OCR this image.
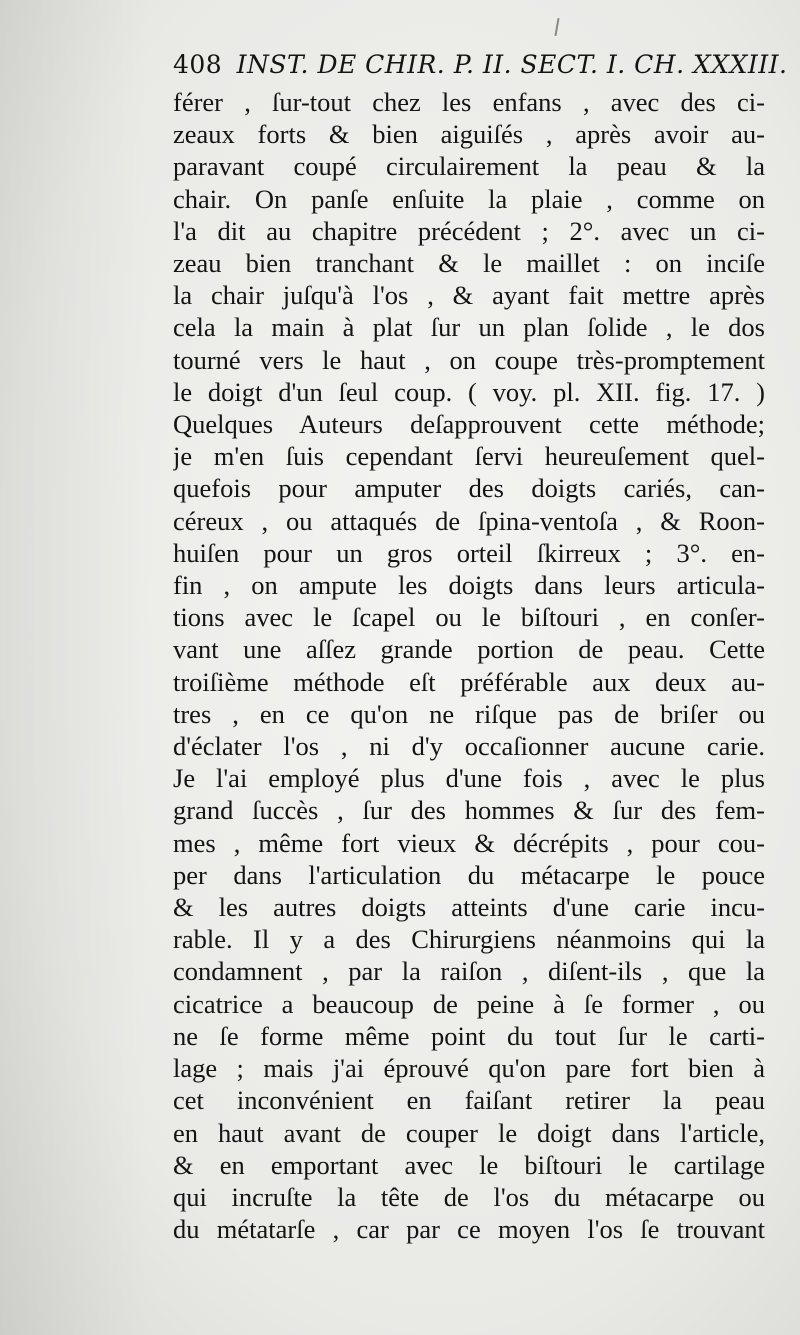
408 INST. DE CHIR. P. II. SECT. I. CH. XXXIII.
férer , ſur-tout chez les enfans , avec des ci-
zeaux forts & bien aiguiſés , après avoir au-
paravant coupé circulairement la peau & la
chair. On panſe enſuite la plaie , comme on
l'a dit au chapitre précédent ; 2°. avec un ci-
zeau bien tranchant & le maillet : on inciſe
la chair juſqu'à l'os , & ayant fait mettre après
cela la main à plat ſur un plan ſolide , le dos
tourné vers le haut , on coupe très-promptement
le doigt d'un ſeul coup. ( voy. pl. XII. fig. 17. )
Quelques Auteurs deſapprouvent cette méthode;
je m'en ſuis cependant ſervi heureuſement quel-
quefois pour amputer des doigts cariés, can-
céreux , ou attaqués de ſpina-ventoſa , & Roon-
huiſen pour un gros orteil ſkirreux ; 3°. en-
fin , on ampute les doigts dans leurs articula-
tions avec le ſcapel ou le biſtouri , en conſer-
vant une aſſez grande portion de peau. Cette
troiſième méthode eſt préférable aux deux au-
tres , en ce qu'on ne riſque pas de briſer ou
d'éclater l'os , ni d'y occaſionner aucune carie.
Je l'ai employé plus d'une fois , avec le plus
grand ſuccès , ſur des hommes & ſur des fem-
mes , même fort vieux & décrépits , pour cou-
per dans l'articulation du métacarpe le pouce
& les autres doigts atteints d'une carie incu-
rable. Il y a des Chirurgiens néanmoins qui la
condamnent , par la raiſon , diſent-ils , que la
cicatrice a beaucoup de peine à ſe former , ou
ne ſe forme même point du tout ſur le carti-
lage ; mais j'ai éprouvé qu'on pare fort bien à
cet inconvénient en faiſant retirer la peau
en haut avant de couper le doigt dans l'article,
& en emportant avec le biſtouri le cartilage
qui incruſte la tête de l'os du métacarpe ou
du métatarſe , car par ce moyen l'os ſe trouvant
